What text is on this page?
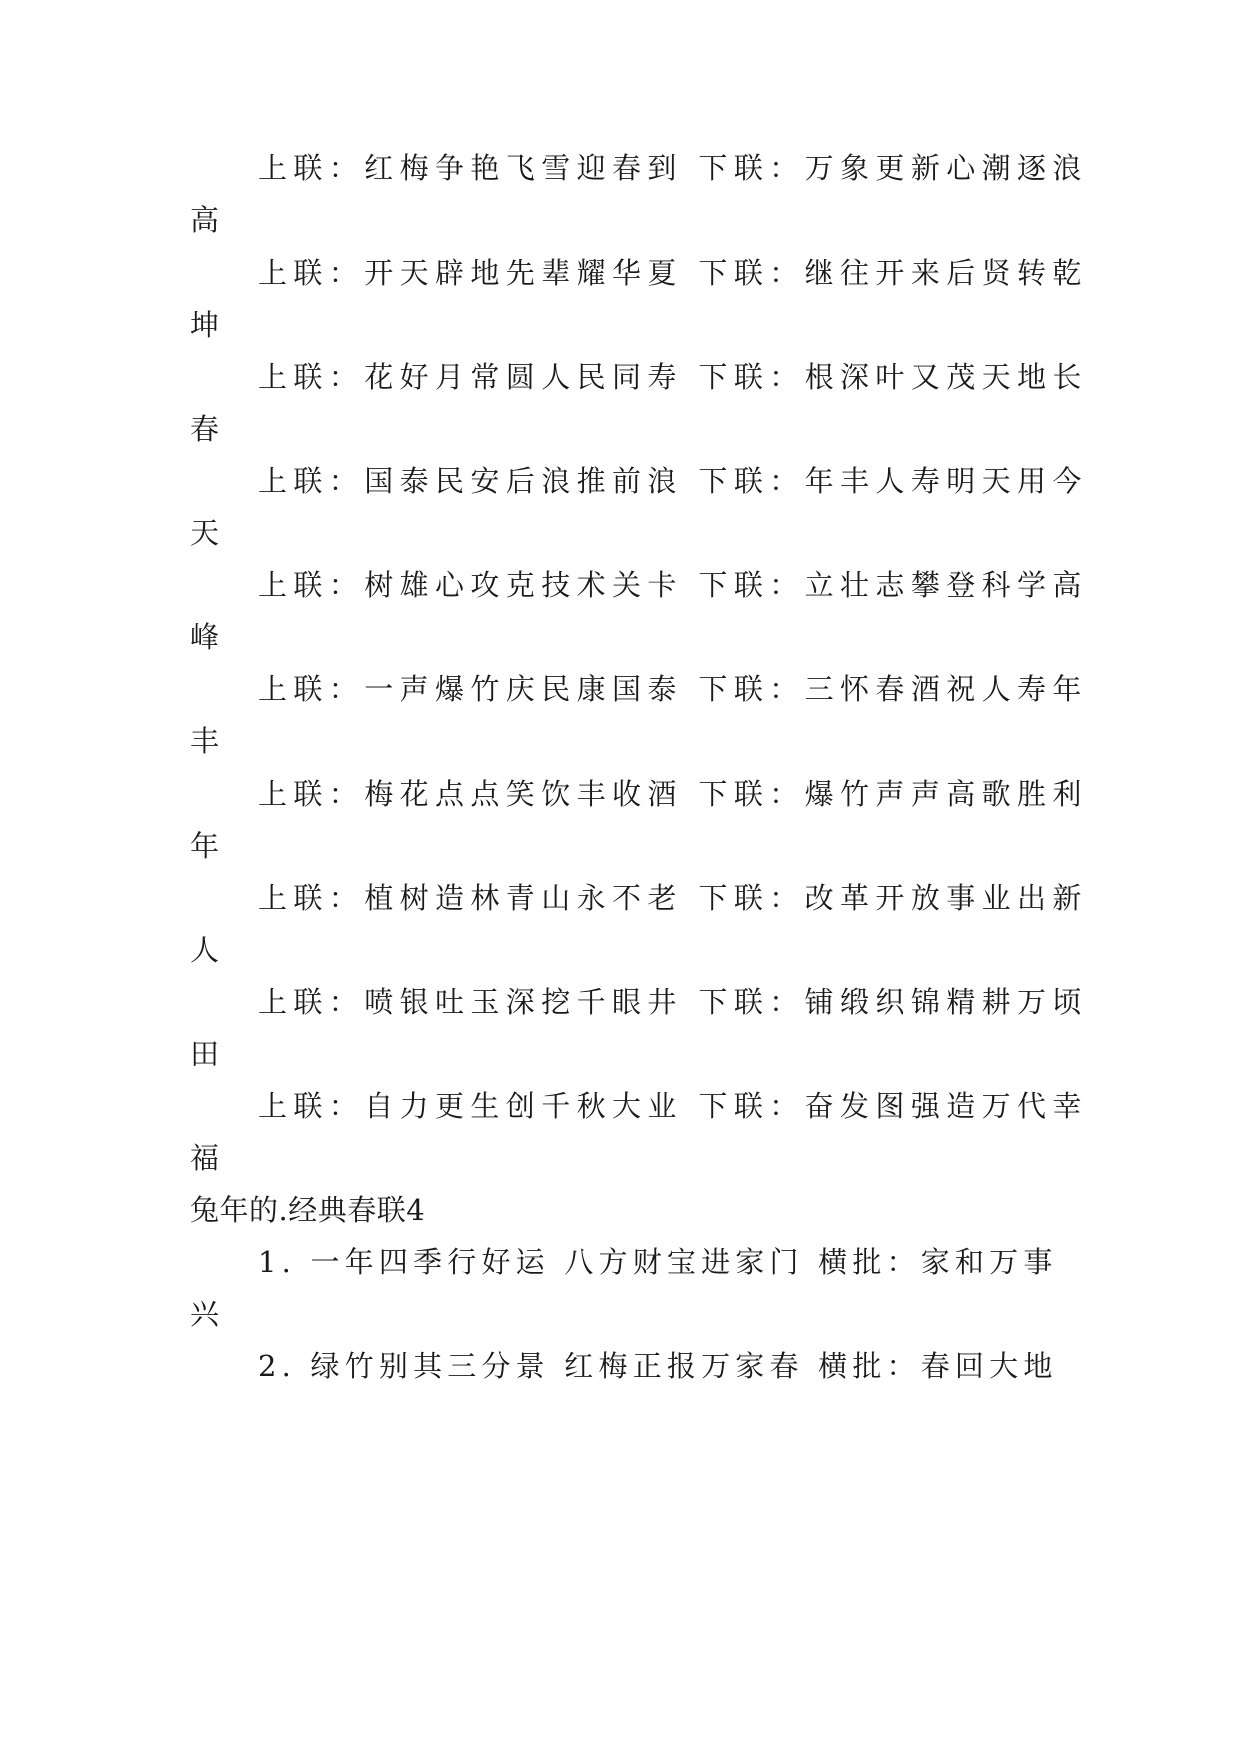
上联：红梅争艳飞雪迎春到 下联：万象更新心潮逐浪
高
上联：开天辟地先辈耀华夏 下联：继往开来后贤转乾
坤
上联：花好月常圆人民同寿 下联：根深叶又茂天地长
春
上联：国泰民安后浪推前浪 下联：年丰人寿明天用今
天
上联：树雄心攻克技术关卡 下联：立壮志攀登科学高
峰
上联：一声爆竹庆民康国泰 下联：三怀春酒祝人寿年
丰
上联：梅花点点笑饮丰收酒 下联：爆竹声声高歌胜利
年
上联：植树造林青山永不老 下联：改革开放事业出新
人
上联：喷银吐玉深挖千眼井 下联：铺缎织锦精耕万顷
田
上联：自力更生创千秋大业 下联：奋发图强造万代幸
福
兔年的.经典春联4
1. 一年四季行好运 八方财宝进家门 横批：家和万事
兴
2. 绿竹别其三分景 红梅正报万家春 横批：春回大地
